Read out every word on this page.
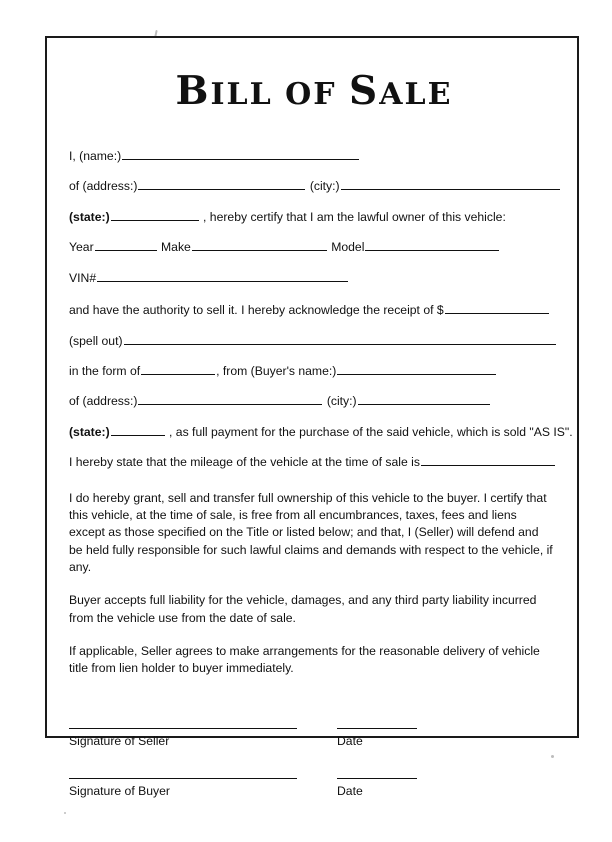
BILL OF SALE
I, (name:)
of (address:)	(city:)
(state:)	, hereby certify that I am the lawful owner of this vehicle:
Year	Make	Model
VIN#
and have the authority to sell it. I hereby acknowledge the receipt of $
(spell out)
in the form of	, from (Buyer's name:)
of (address:)	(city:)
(state:)	, as full payment for the purchase of the said vehicle, which is sold "AS IS".
I hereby state that the mileage of the vehicle at the time of sale is
I do hereby grant, sell and transfer full ownership of this vehicle to the buyer. I certify that this vehicle, at the time of sale, is free from all encumbrances, taxes, fees and liens except as those specified on the Title or listed below; and that, I (Seller) will defend and be held fully responsible for such lawful claims and demands with respect to the vehicle, if any.
Buyer accepts full liability for the vehicle, damages, and any third party liability incurred from the vehicle use from the date of sale.
If applicable, Seller agrees to make arrangements for the reasonable delivery of vehicle title from lien holder to buyer immediately.
Signature of Seller	Date
Signature of Buyer	Date
